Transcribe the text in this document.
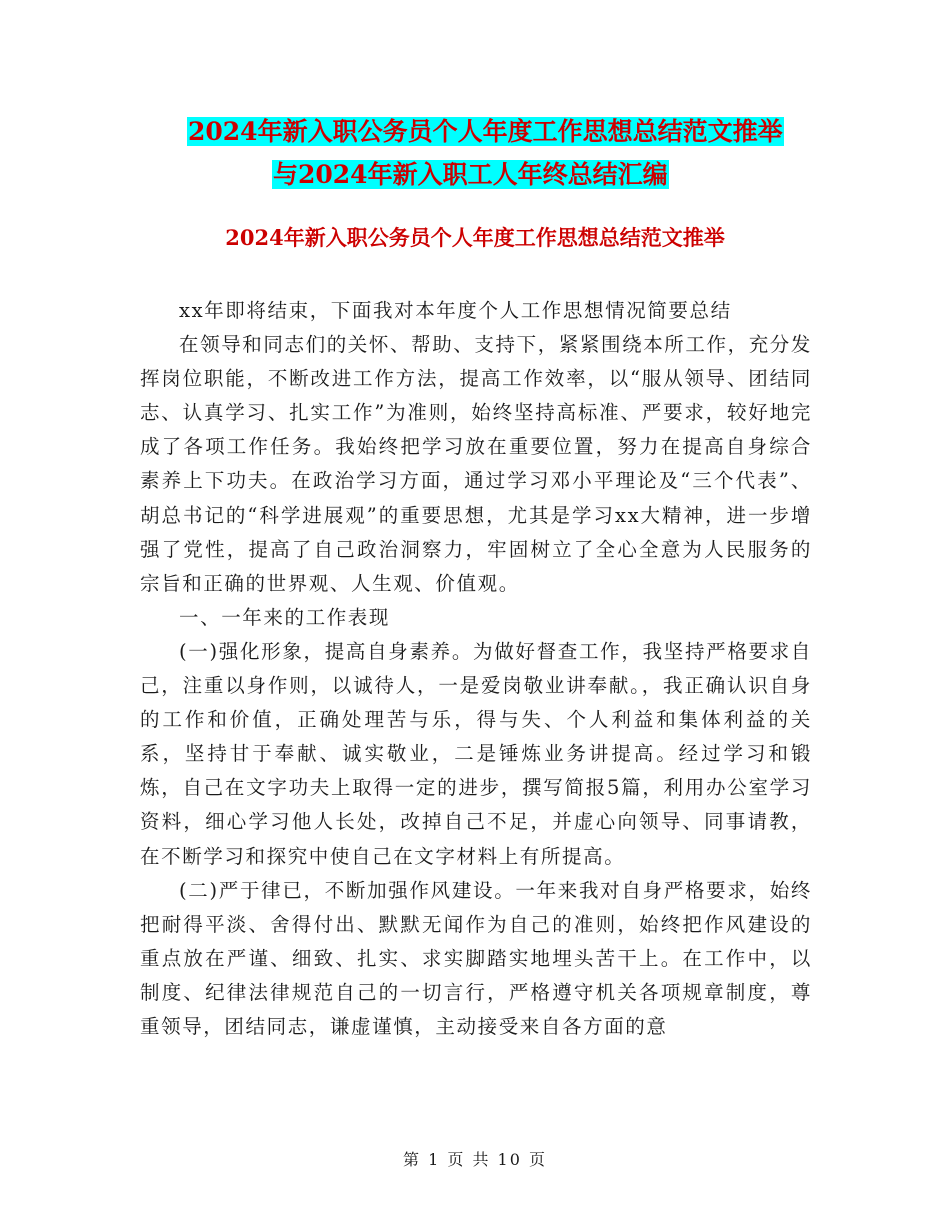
2024年新入职公务员个人年度工作思想总结范文推举
与2024年新入职工人年终总结汇编
2024年新入职公务员个人年度工作思想总结范文推举

xx年即将结束，下面我对本年度个人工作思想情况简要总结

在领导和同志们的关怀、帮助、支持下，紧紧围绕本所工作，充分发挥岗位职能，不断改进工作方法，提高工作效率，以“服从领导、团结同志、认真学习、扎实工作”为准则，始终坚持高标准、严要求，较好地完成了各项工作任务。我始终把学习放在重要位置，努力在提高自身综合素养上下功夫。在政治学习方面，通过学习邓小平理论及“三个代表”、胡总书记的“科学进展观”的重要思想，尤其是学习xx大精神，进一步增强了党性，提高了自己政治洞察力，牢固树立了全心全意为人民服务的宗旨和正确的世界观、人生观、价值观。

一、一年来的工作表现

(一)强化形象，提高自身素养。为做好督查工作，我坚持严格要求自己，注重以身作则，以诚待人，一是爱岗敬业讲奉献。，我正确认识自身的工作和价值，正确处理苦与乐，得与失、个人利益和集体利益的关系，坚持甘于奉献、诚实敬业，二是锤炼业务讲提高。经过学习和锻炼，自己在文字功夫上取得一定的进步，撰写简报5篇，利用办公室学习资料，细心学习他人长处，改掉自己不足，并虚心向领导、同事请教，在不断学习和探究中使自己在文字材料上有所提高。

(二)严于律已，不断加强作风建设。一年来我对自身严格要求，始终把耐得平淡、舍得付出、默默无闻作为自己的准则，始终把作风建设的重点放在严谨、细致、扎实、求实脚踏实地埋头苦干上。在工作中，以制度、纪律法律规范自己的一切言行，严格遵守机关各项规章制度，尊重领导，团结同志，谦虚谨慎，主动接受来自各方面的意

第 1 页 共 10 页
